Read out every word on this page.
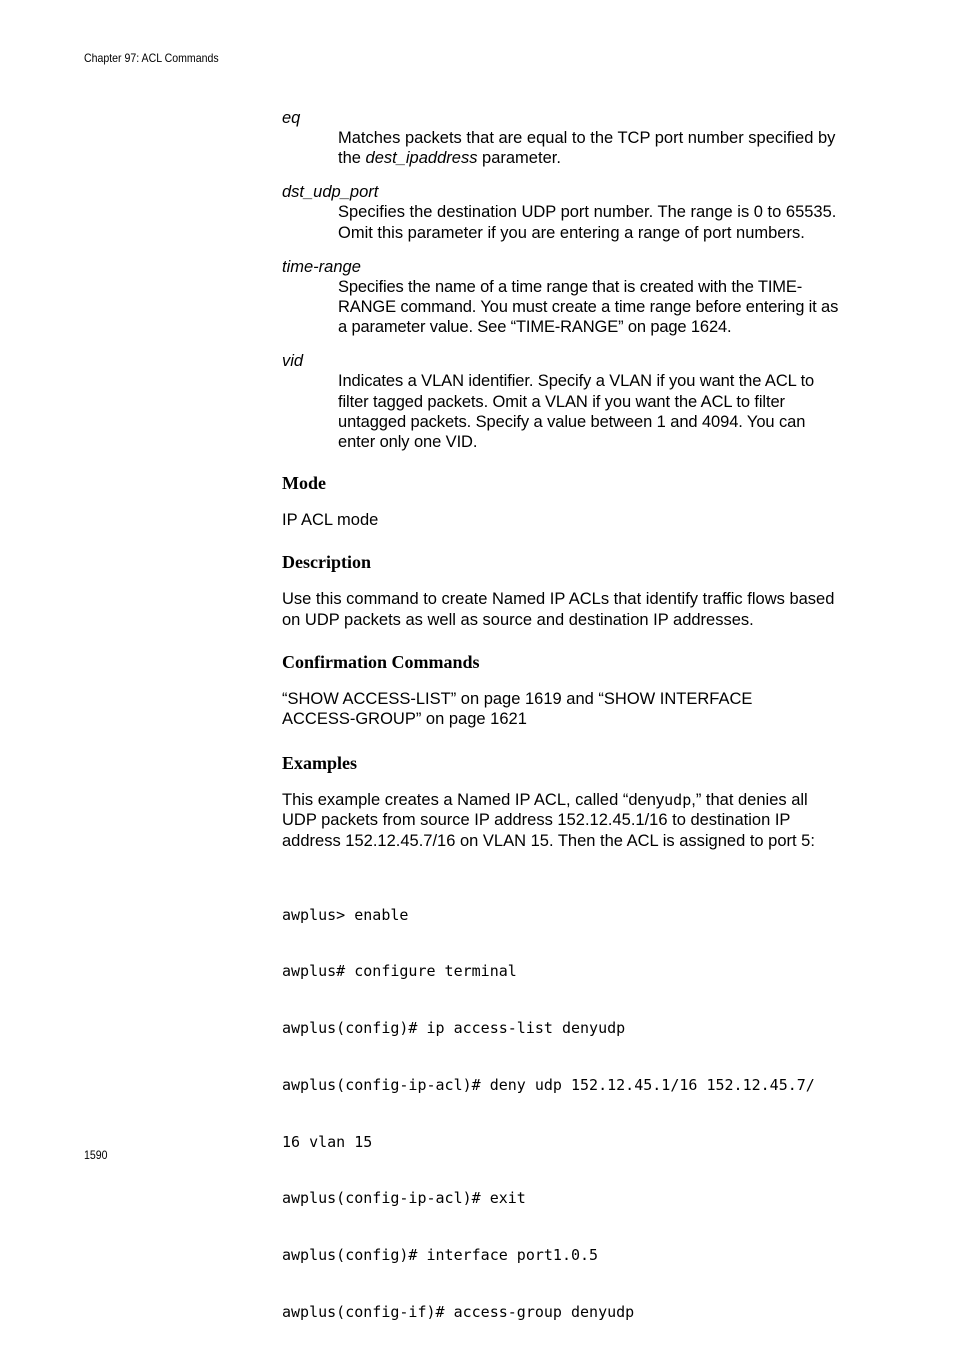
Chapter 97: ACL Commands
eq
Matches packets that are equal to the TCP port number specified by the dest_ipaddress parameter.
dst_udp_port
Specifies the destination UDP port number. The range is 0 to 65535. Omit this parameter if you are entering a range of port numbers.
time-range
Specifies the name of a time range that is created with the TIME-RANGE command. You must create a time range before entering it as a parameter value. See “TIME-RANGE” on page 1624.
vid
Indicates a VLAN identifier. Specify a VLAN if you want the ACL to filter tagged packets. Omit a VLAN if you want the ACL to filter untagged packets. Specify a value between 1 and 4094. You can enter only one VID.
Mode

IP ACL mode

Description

Use this command to create Named IP ACLs that identify traffic flows based on UDP packets as well as source and destination IP addresses.

Confirmation Commands

“SHOW ACCESS-LIST” on page 1619 and “SHOW INTERFACE ACCESS-GROUP” on page 1621

Examples

This example creates a Named IP ACL, called “denyudp,” that denies all UDP packets from source IP address 152.12.45.1/16 to destination IP address 152.12.45.7/16 on VLAN 15. Then the ACL is assigned to port 5:

awplus> enable

awplus# configure terminal

awplus(config)# ip access-list denyudp

awplus(config-ip-acl)# deny udp 152.12.45.1/16 152.12.45.7/

16 vlan 15

awplus(config-ip-acl)# exit

awplus(config)# interface port1.0.5

awplus(config-if)# access-group denyudp

1590
